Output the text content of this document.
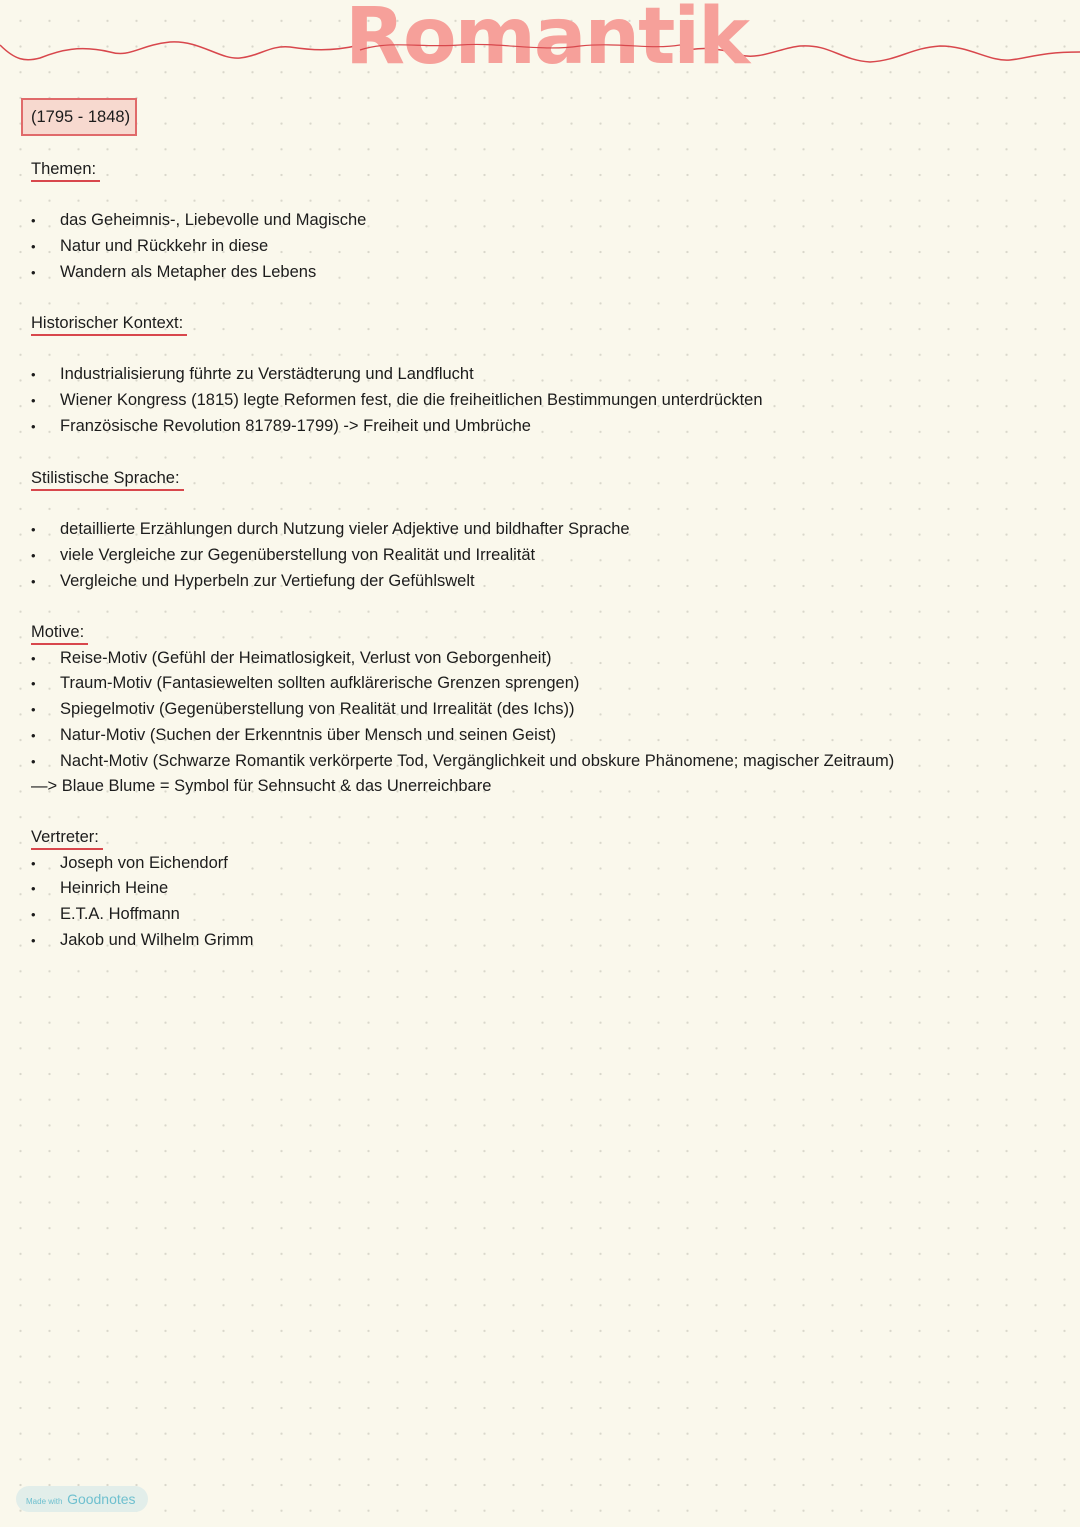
Romantik
(1795 - 1848)
Themen:
• das Geheimnis-, Liebevolle und Magische
• Natur und Rückkehr in diese
• Wandern als Metapher des Lebens
Historischer Kontext:
• Industrialisierung führte zu Verstädterung und Landflucht
• Wiener Kongress (1815) legte Reformen fest, die die freiheitlichen Bestimmungen unterdrückten
• Französische Revolution 81789-1799) -> Freiheit und Umbrüche
Stilistische Sprache:
• detaillierte Erzählungen durch Nutzung vieler Adjektive und bildhafter Sprache
• viele Vergleiche zur Gegenüberstellung von Realität und Irrealität
• Vergleiche und Hyperbeln zur Vertiefung der Gefühlswelt
Motive:
• Reise-Motiv (Gefühl der Heimatlosigkeit, Verlust von Geborgenheit)
• Traum-Motiv (Fantasiewelten sollten aufklärerische Grenzen sprengen)
• Spiegelmotiv (Gegenüberstellung von Realität und Irrealität (des Ichs))
• Natur-Motiv (Suchen der Erkenntnis über Mensch und seinen Geist)
• Nacht-Motiv (Schwarze Romantik verkörperte Tod, Vergänglichkeit und obskure Phänomene; magischer Zeitraum)
—> Blaue Blume = Symbol für Sehnsucht & das Unerreichbare
Vertreter:
• Joseph von Eichendorf
• Heinrich Heine
• E.T.A. Hoffmann
• Jakob und Wilhelm Grimm
Made with Goodnotes
